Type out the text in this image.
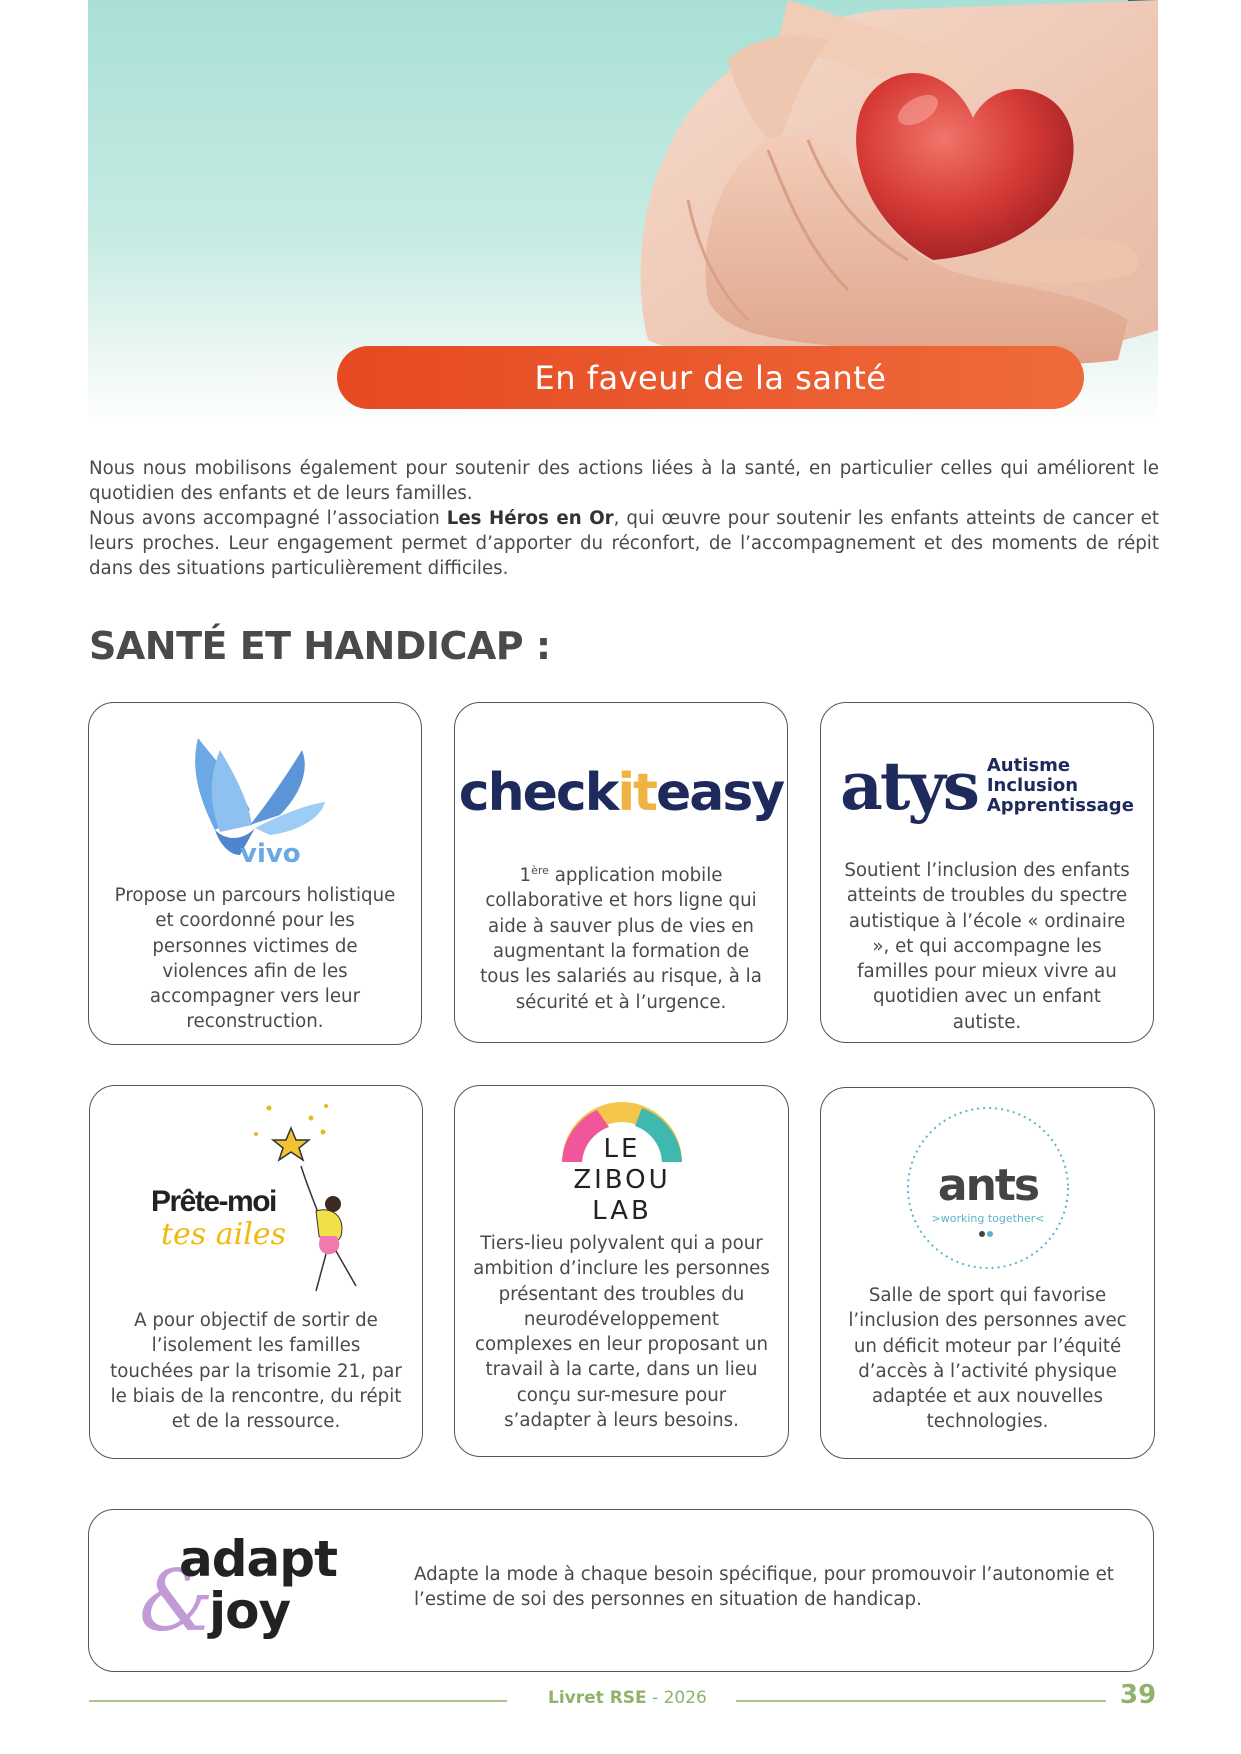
En faveur de la santé

Nous nous mobilisons également pour soutenir des actions liées à la santé, en particulier celles qui améliorent le quotidien des enfants et de leurs familles.

Nous avons accompagné l’association Les Héros en Or, qui œuvre pour soutenir les enfants atteints de cancer et leurs proches. Leur engagement permet d’apporter du réconfort, de l’accompagnement et des moments de répit dans des situations particulièrement difficiles.

SANTÉ ET HANDICAP :
vivo
Propose un parcours holistique et coordonné pour les personnes victimes de violences afin de les accompagner vers leur reconstruction.
check it easy
1ère application mobile collaborative et hors ligne qui aide à sauver plus de vies en augmentant la formation de tous les salariés au risque, à la sécurité et à l’urgence.
atys Autisme
Inclusion
Apprentissage
Soutient l’inclusion des enfants atteints de troubles du spectre autistique à l’école « ordinaire », et qui accompagne les familles pour mieux vivre au quotidien avec un enfant autiste.
Prête-moi
tes ailes
A pour objectif de sortir de l’isolement les familles touchées par la trisomie 21, par le biais de la rencontre, du répit et de la ressource.
LE
ZIBOU
LAB
Tiers-lieu polyvalent qui a pour ambition d’inclure les personnes présentant des troubles du neurodéveloppement complexes en leur proposant un travail à la carte, dans un lieu conçu sur-mesure pour s’adapter à leurs besoins.
ants
>working together<
Salle de sport qui favorise l’inclusion des personnes avec un déficit moteur par l’équité d’accès à l’activité physique adaptée et aux nouvelles technologies.
&
adapt
joy
Adapte la mode à chaque besoin spécifique, pour promouvoir l’autonomie et l’estime de soi des personnes en situation de handicap.
Livret RSE - 2026	39
